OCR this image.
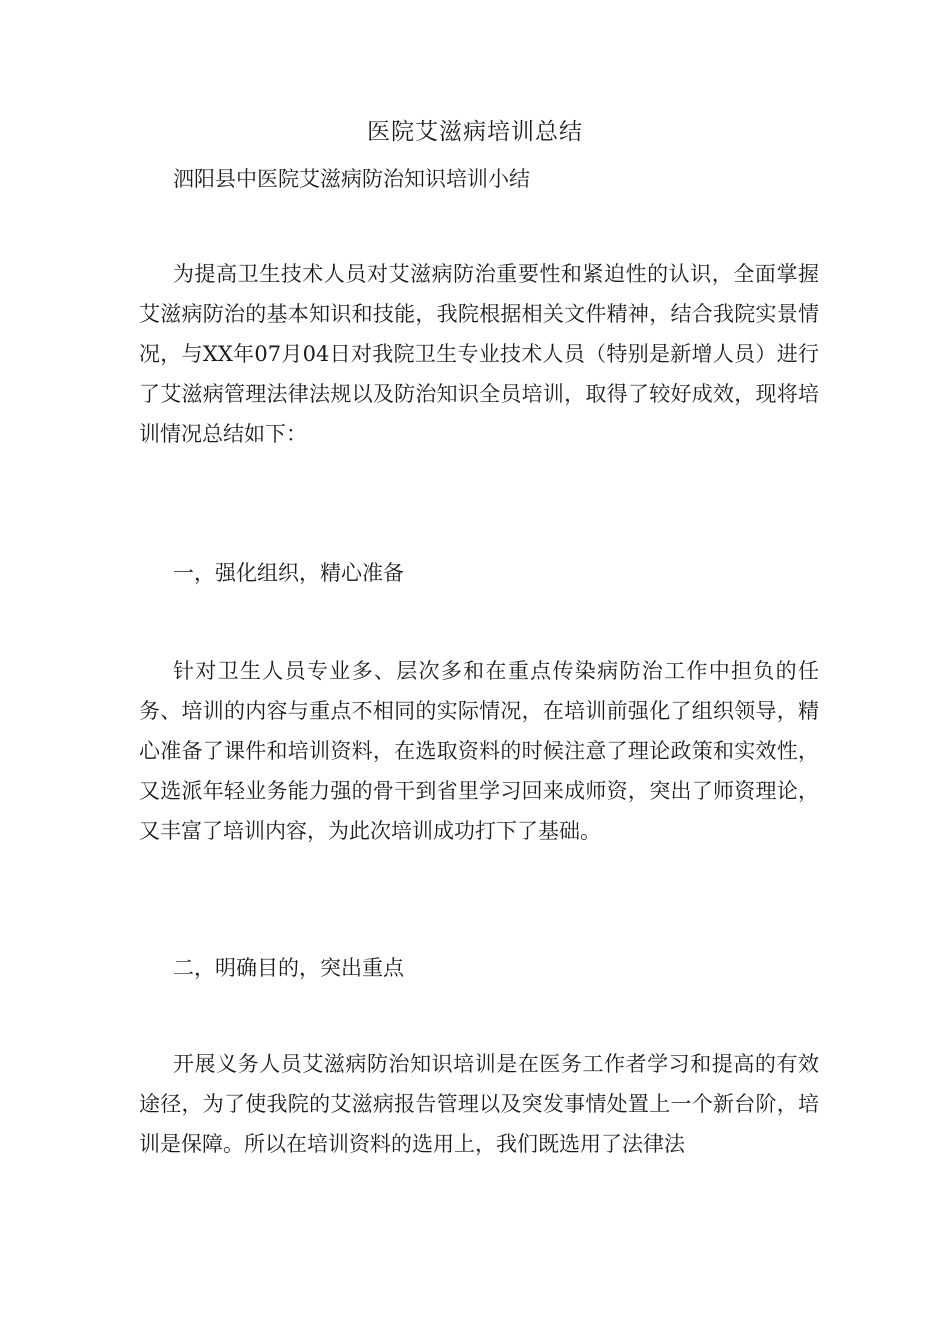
医院艾滋病培训总结
泗阳县中医院艾滋病防治知识培训小结
为提高卫生技术人员对艾滋病防治重要性和紧迫性的认识，全面掌握艾滋病防治的基本知识和技能，我院根据相关文件精神，结合我院实景情况，与XX年07月04日对我院卫生专业技术人员（特别是新增人员）进行了艾滋病管理法律法规以及防治知识全员培训，取得了较好成效，现将培训情况总结如下：
一，强化组织，精心准备
针对卫生人员专业多、层次多和在重点传染病防治工作中担负的任务、培训的内容与重点不相同的实际情况，在培训前强化了组织领导，精心准备了课件和培训资料，在选取资料的时候注意了理论政策和实效性，又选派年轻业务能力强的骨干到省里学习回来成师资，突出了师资理论，又丰富了培训内容，为此次培训成功打下了基础。
二，明确目的，突出重点
开展义务人员艾滋病防治知识培训是在医务工作者学习和提高的有效途径，为了使我院的艾滋病报告管理以及突发事情处置上一个新台阶，培训是保障。所以在培训资料的选用上，我们既选用了法律法
